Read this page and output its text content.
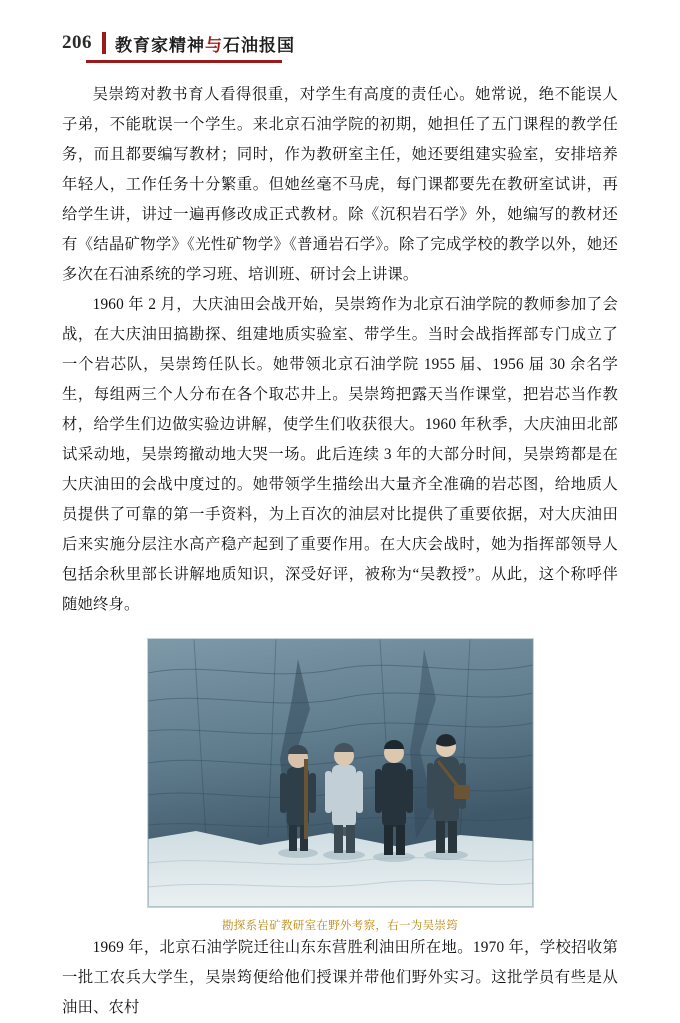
206 教育家精神与石油报国

吴崇筠对教书育人看得很重，对学生有高度的责任心。她常说，绝不能误人子弟，不能耽误一个学生。来北京石油学院的初期，她担任了五门课程的教学任务，而且都要编写教材；同时，作为教研室主任，她还要组建实验室，安排培养年轻人，工作任务十分繁重。但她丝毫不马虎，每门课都要先在教研室试讲，再给学生讲，讲过一遍再修改成正式教材。除《沉积岩石学》外，她编写的教材还有《结晶矿物学》《光性矿物学》《普通岩石学》。除了完成学校的教学以外，她还多次在石油系统的学习班、培训班、研讨会上讲课。

1960 年 2 月，大庆油田会战开始，吴崇筠作为北京石油学院的教师参加了会战，在大庆油田搞勘探、组建地质实验室、带学生。当时会战指挥部专门成立了一个岩芯队，吴崇筠任队长。她带领北京石油学院 1955 届、1956 届 30 余名学生，每组两三个人分布在各个取芯井上。吴崇筠把露天当作课堂，把岩芯当作教材，给学生们边做实验边讲解，使学生们收获很大。1960 年秋季，大庆油田北部试采动地，吴崇筠撤动地大哭一场。此后连续 3 年的大部分时间，吴崇筠都是在大庆油田的会战中度过的。她带领学生描绘出大量齐全准确的岩芯图，给地质人员提供了可靠的第一手资料，为上百次的油层对比提供了重要依据，对大庆油田后来实施分层注水高产稳产起到了重要作用。在大庆会战时，她为指挥部领导人包括余秋里部长讲解地质知识，深受好评，被称为“吴教授”。从此，这个称呼伴随她终身。

勘探系岩矿教研室在野外考察，右一为吴崇筠

1969 年，北京石油学院迁往山东东营胜利油田所在地。1970 年，学校招收第一批工农兵大学生，吴崇筠便给他们授课并带他们野外实习。这批学员有些是从油田、农村
